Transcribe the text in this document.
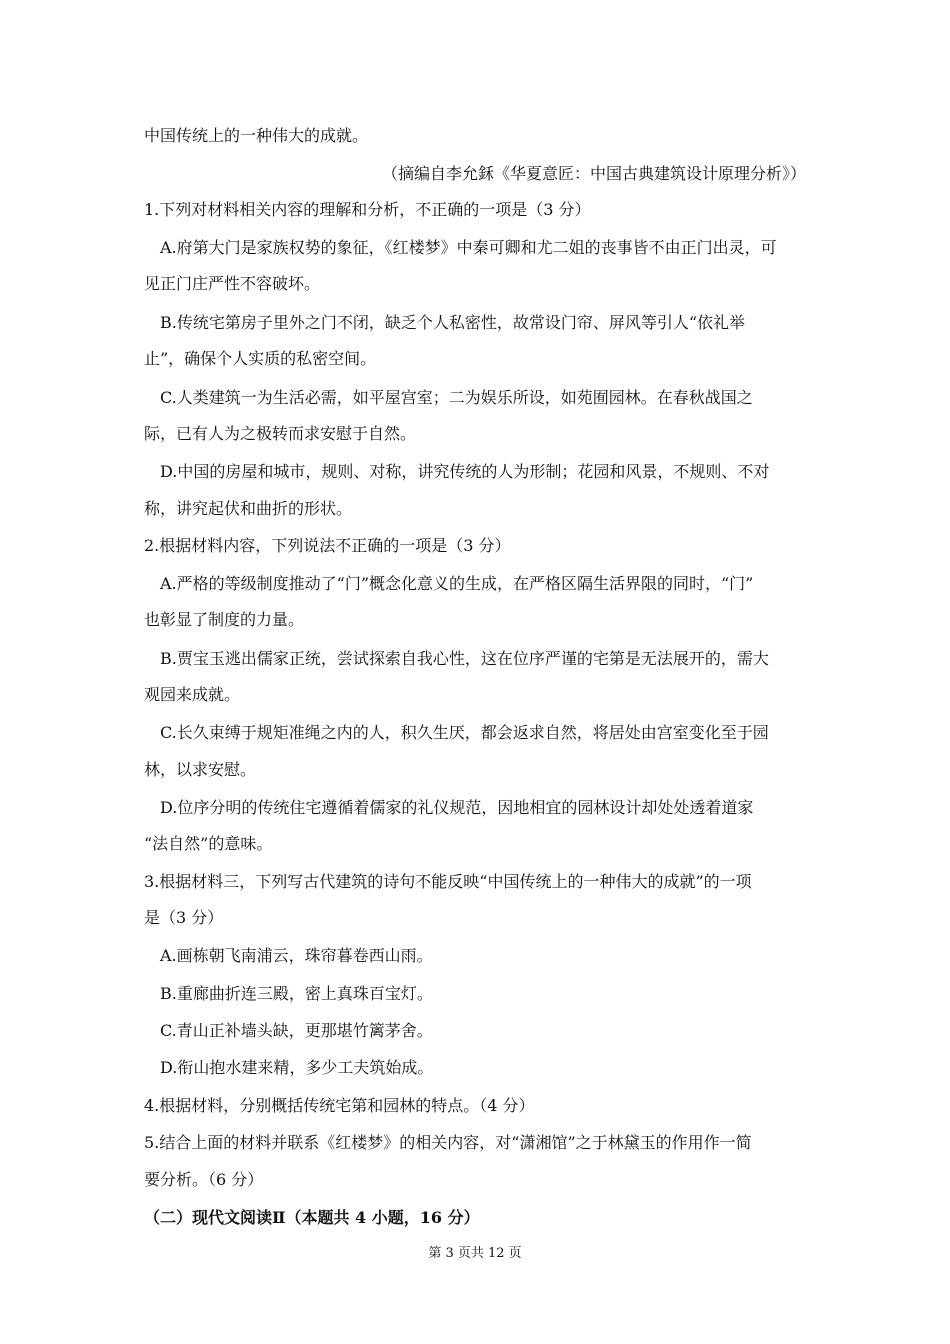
中国传统上的一种伟大的成就。
（摘编自李允鉌《华夏意匠：中国古典建筑设计原理分析》）
1.下列对材料相关内容的理解和分析，不正确的一项是（3 分）
A.府第大门是家族权势的象征，《红楼梦》中秦可卿和尤二姐的丧事皆不由正门出灵，可
见正门庄严性不容破坏。
B.传统宅第房子里外之门不闭，缺乏个人私密性，故常设门帘、屏风等引人“依礼举
止”，确保个人实质的私密空间。
C.人类建筑一为生活必需，如平屋宫室；二为娱乐所设，如苑囿园林。在春秋战国之
际，已有人为之极转而求安慰于自然。
D.中国的房屋和城市，规则、对称，讲究传统的人为形制；花园和风景，不规则、不对
称，讲究起伏和曲折的形状。
2.根据材料内容，下列说法不正确的一项是（3 分）
A.严格的等级制度推动了“门”概念化意义的生成，在严格区隔生活界限的同时，“门”
也彰显了制度的力量。
B.贾宝玉逃出儒家正统，尝试探索自我心性，这在位序严谨的宅第是无法展开的，需大
观园来成就。
C.长久束缚于规矩准绳之内的人，积久生厌，都会返求自然，将居处由宫室变化至于园
林，以求安慰。
D.位序分明的传统住宅遵循着儒家的礼仪规范，因地相宜的园林设计却处处透着道家
“法自然”的意味。
3.根据材料三，下列写古代建筑的诗句不能反映“中国传统上的一种伟大的成就”的一项
是（3 分）
A.画栋朝飞南浦云，珠帘暮卷西山雨。
B.重廊曲折连三殿，密上真珠百宝灯。
C.青山正补墙头缺，更那堪竹篱茅舍。
D.衔山抱水建来精，多少工夫筑始成。
4.根据材料，分别概括传统宅第和园林的特点。（4 分）
5.结合上面的材料并联系《红楼梦》的相关内容，对“潇湘馆”之于林黛玉的作用作一简
要分析。（6 分）
（二）现代文阅读Ⅱ（本题共 4 小题，16 分）
第 3 页共 12 页
